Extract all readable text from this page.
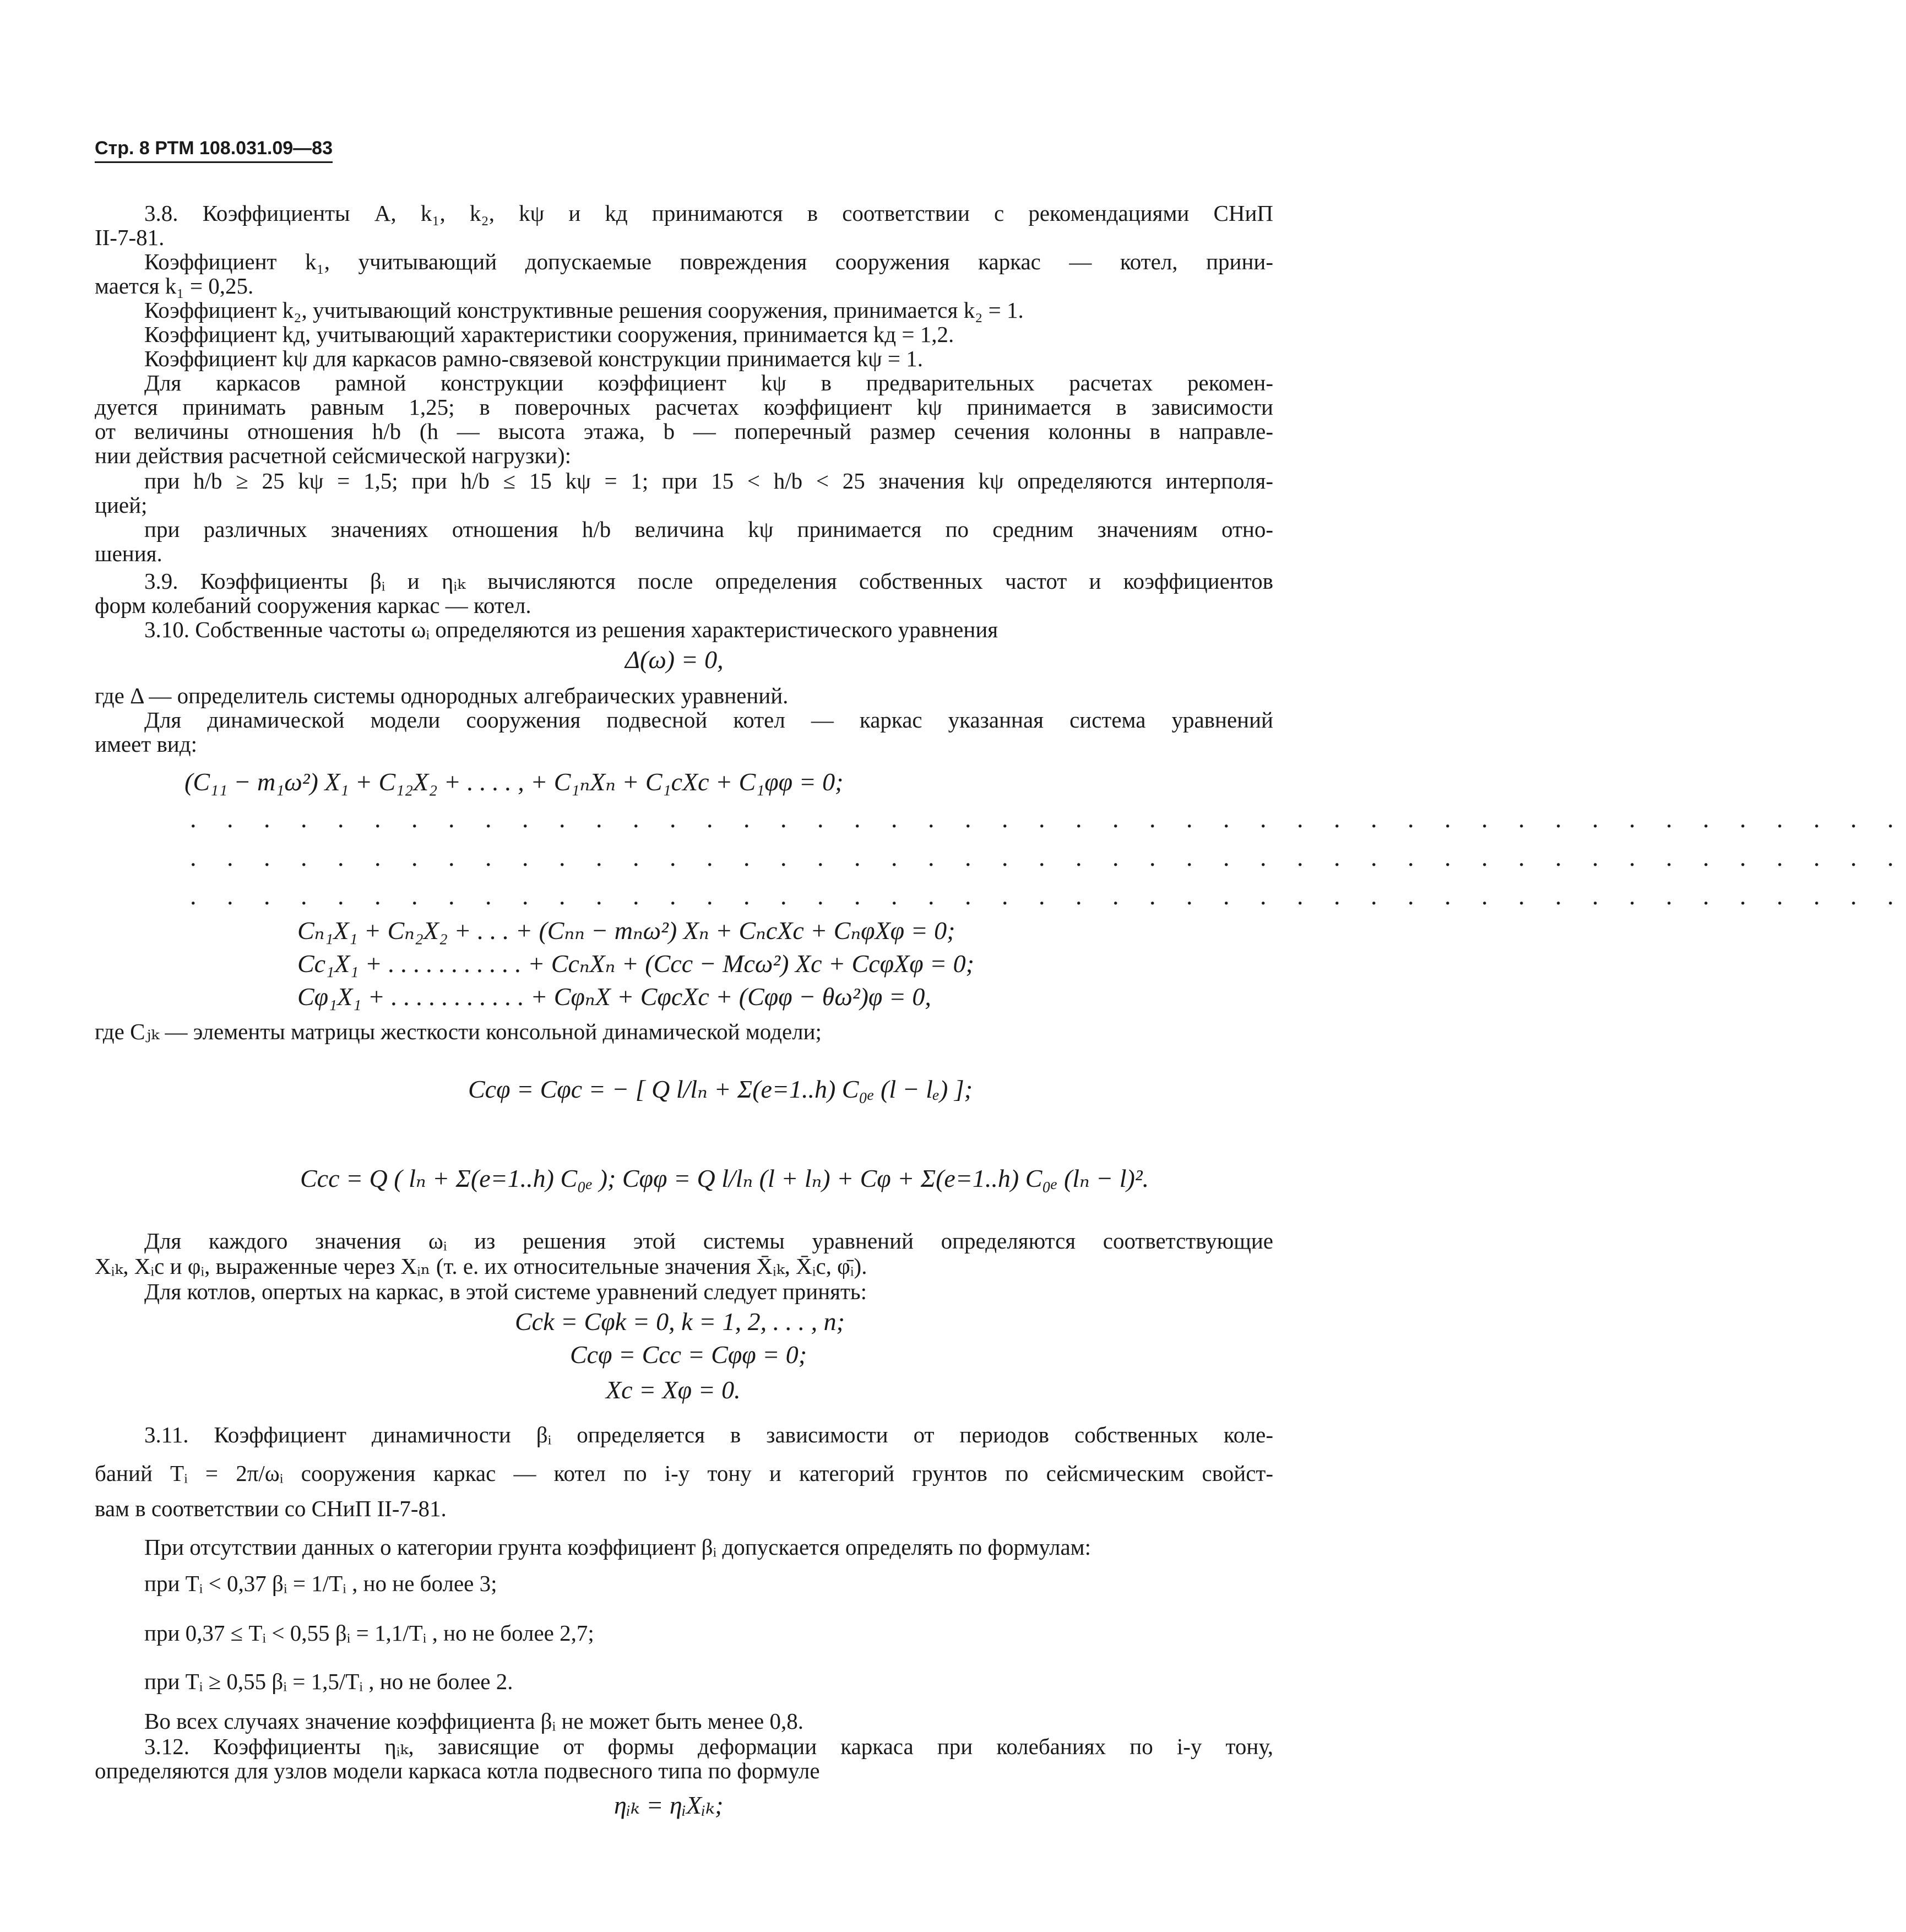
Стр. 8 РТМ 108.031.09—83
3.8. Коэффициенты A, k₁, k₂, kψ и kд принимаются в соответствии с рекомендациями СНиП
II-7-81.
Коэффициент k₁, учитывающий допускаемые повреждения сооружения каркас — котел, прини-
мается k₁ = 0,25.
Коэффициент k₂, учитывающий конструктивные решения сооружения, принимается k₂ = 1.
Коэффициент kд, учитывающий характеристики сооружения, принимается kд = 1,2.
Коэффициент kψ для каркасов рамно-связевой конструкции принимается kψ = 1.
Для каркасов рамной конструкции коэффициент kψ в предварительных расчетах рекомен-
дуется принимать равным 1,25; в поверочных расчетах коэффициент kψ принимается в зависимости
от величины отношения h/b (h — высота этажа, b — поперечный размер сечения колонны в направле-
нии действия расчетной сейсмической нагрузки):
при h/b ≥ 25 kψ = 1,5; при h/b ≤ 15 kψ = 1; при 15 < h/b < 25 значения kψ определяются интерполя-
цией;
при различных значениях отношения h/b величина kψ принимается по средним значениям отно-
шения.
3.9. Коэффициенты βᵢ и ηᵢₖ вычисляются после определения собственных частот и коэффициентов
форм колебаний сооружения каркас — котел.
3.10. Собственные частоты ωᵢ определяются из решения характеристического уравнения
Δ(ω) = 0,
где Δ — определитель системы однородных алгебраических уравнений.
Для динамической модели сооружения подвесной котел — каркас указанная система уравнений
имеет вид:
(C₁₁ − m₁ω²) X₁ + C₁₂X₂ + . . . . , + C₁ₙXₙ + C₁cXc + C₁φφ = 0;
. . . . . . . . . . . . . . . . . . . . . . . . . . . . . . . . . . . . . . . . . . . . . . .
. . . . . . . . . . . . . . . . . . . . . . . . . . . . . . . . . . . . . . . . . . . . . . .
. . . . . . . . . . . . . . . . . . . . . . . . . . . . . . . . . . . . . . . . . . . . . . .
Cₙ₁X₁ + Cₙ₂X₂ + . . . + (Cₙₙ − mₙω²) Xₙ + CₙcXc + CₙφXφ = 0;
Cc₁X₁ + . . . . . . . . . . . + CcₙXₙ + (Ccc − Mcω²) Xc + CcφXφ = 0;
Cφ₁X₁ + . . . . . . . . . . . + CφₙX + CφcXc + (Cφφ − θω²)φ = 0,
где Cⱼₖ — элементы матрицы жесткости консольной динамической модели;
Ccφ = Cφc = − [ Q l/lₙ + Σ(e=1..h) C₀ₑ (l − lₑ) ];
Ccc = Q ( lₙ + Σ(e=1..h) C₀ₑ ); Cφφ = Q l/lₙ (l + lₙ) + Cφ + Σ(e=1..h) C₀ₑ (lₙ − l)².
Для каждого значения ωᵢ из решения этой системы уравнений определяются соответствующие
Xᵢₖ, Xᵢc и φᵢ, выраженные через Xᵢₙ (т. е. их относительные значения X̄ᵢₖ, X̄ᵢc, φ̄ᵢ).
Для котлов, опертых на каркас, в этой системе уравнений следует принять:
Cck = Cφk = 0, k = 1, 2, . . . , n;
Ccφ = Ccc = Cφφ = 0;
Xc = Xφ = 0.
3.11. Коэффициент динамичности βᵢ определяется в зависимости от периодов собственных коле-
баний Tᵢ = 2π/ωᵢ сооружения каркас — котел по i-у тону и категорий грунтов по сейсмическим свойст-
вам в соответствии со СНиП II-7-81.
При отсутствии данных о категории грунта коэффициент βᵢ допускается определять по формулам:
при Tᵢ < 0,37 βᵢ = 1/Tᵢ , но не более 3;
при 0,37 ≤ Tᵢ < 0,55 βᵢ = 1,1/Tᵢ , но не более 2,7;
при Tᵢ ≥ 0,55 βᵢ = 1,5/Tᵢ , но не более 2.
Во всех случаях значение коэффициента βᵢ не может быть менее 0,8.
3.12. Коэффициенты ηᵢₖ, зависящие от формы деформации каркаса при колебаниях по i-у тону,
определяются для узлов модели каркаса котла подвесного типа по формуле
ηᵢₖ = ηᵢXᵢₖ;
